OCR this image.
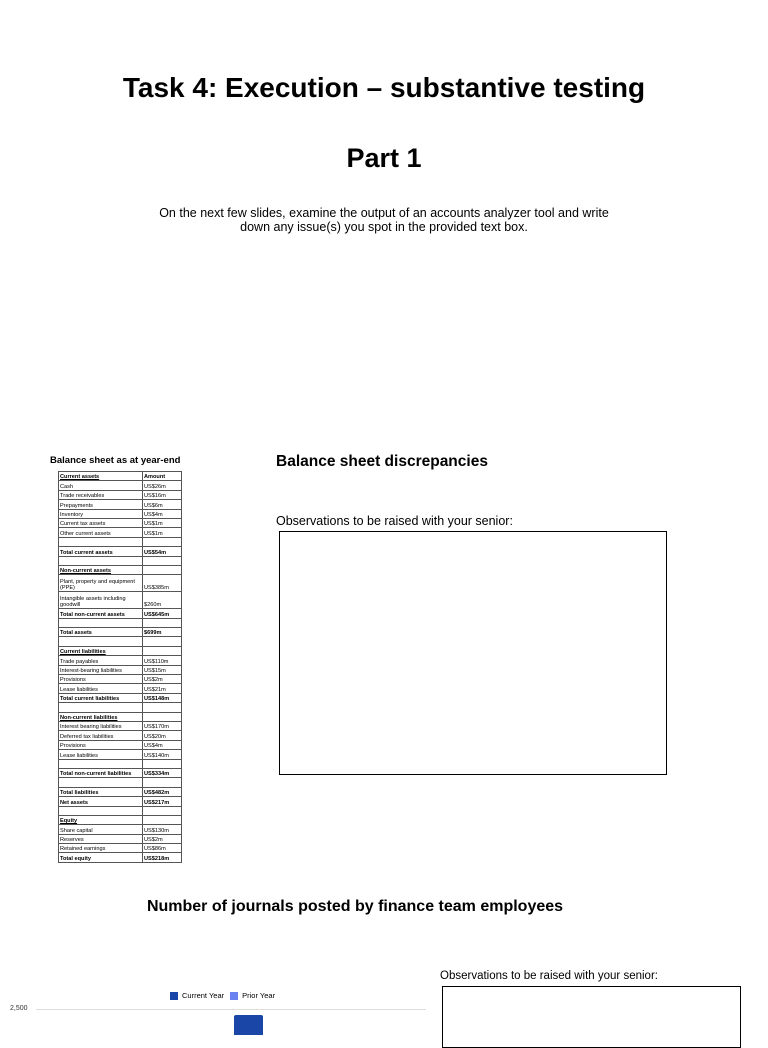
Task 4: Execution – substantive testing
Part 1
On the next few slides, examine the output of an accounts analyzer tool and write down any issue(s) you spot in the provided text box.
Balance sheet as at year-end
Current assets	Amount
Cash	US$26m
Trade receivables	US$16m
Prepayments	US$6m
Inventory	US$4m
Current tax assets	US$1m
Other current assets	US$1m

Total current assets	US$54m

Non-current assets	
Plant, property and equipment (PPE)	US$385m
Intangible assets including goodwill	$260m
Total non-current assets	US$645m

Total assets	$699m

Current liabilities	
Trade payables	US$110m
Interest-bearing liabilities	US$15m
Provisions	US$2m
Lease liabilities	US$21m
Total current liabilities	US$148m

Non-current liabilities	
Interest bearing liabilities	US$170m
Deferred tax liabilities	US$20m
Provisions	US$4m
Lease liabilities	US$140m

Total non-current liabilities	US$334m

Total liabilities	US$482m
Net assets	US$217m

Equity	
Share capital	US$130m
Reserves	US$2m
Retained earnings	US$86m
Total equity	US$218m
Balance sheet discrepancies
Observations to be raised with your senior:
Number of journals posted by finance team employees
Observations to be raised with your senior:
Current Year	Prior Year
2,500
